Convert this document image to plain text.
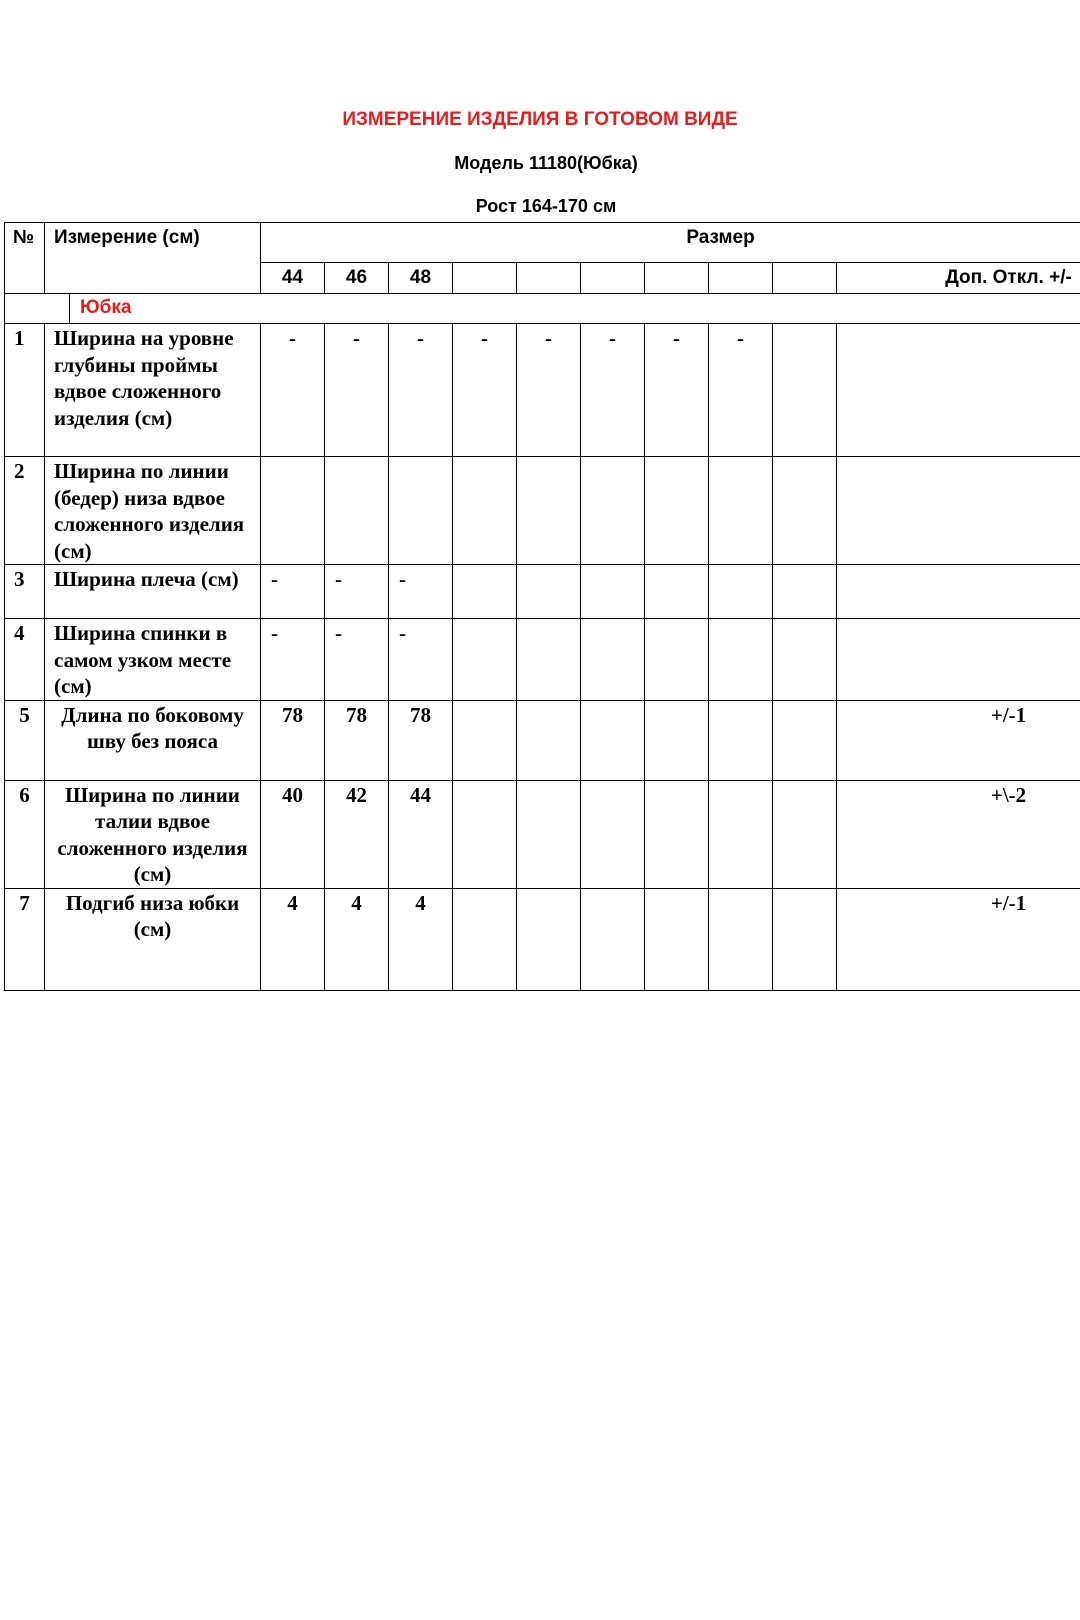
ИЗМЕРЕНИЕ ИЗДЕЛИЯ В ГОТОВОМ ВИДЕ
Модель 11180(Юбка)
Рост 164-170 см
№	Измерение (см)	Размер									
		44	46	48							Доп. Откл. +/-

Юбка											

1	Ширина на уровне глубины проймы вдвое сложенного изделия (см)	-	-	-	-	-	-	-	-		
2	Ширина по линии (бедер) низа вдвое сложенного изделия (см)										
3	Ширина плеча (см)	-	-	-							
4	Ширина спинки в самом узком месте (см)	-	-	-							
5	Длина по боковому шву без пояса	78	78	78							+/-1
6	Ширина по линии талии вдвое сложенного изделия (см)	40	42	44							+\-2
7	Подгиб низа юбки (см)	4	4	4							+/-1
